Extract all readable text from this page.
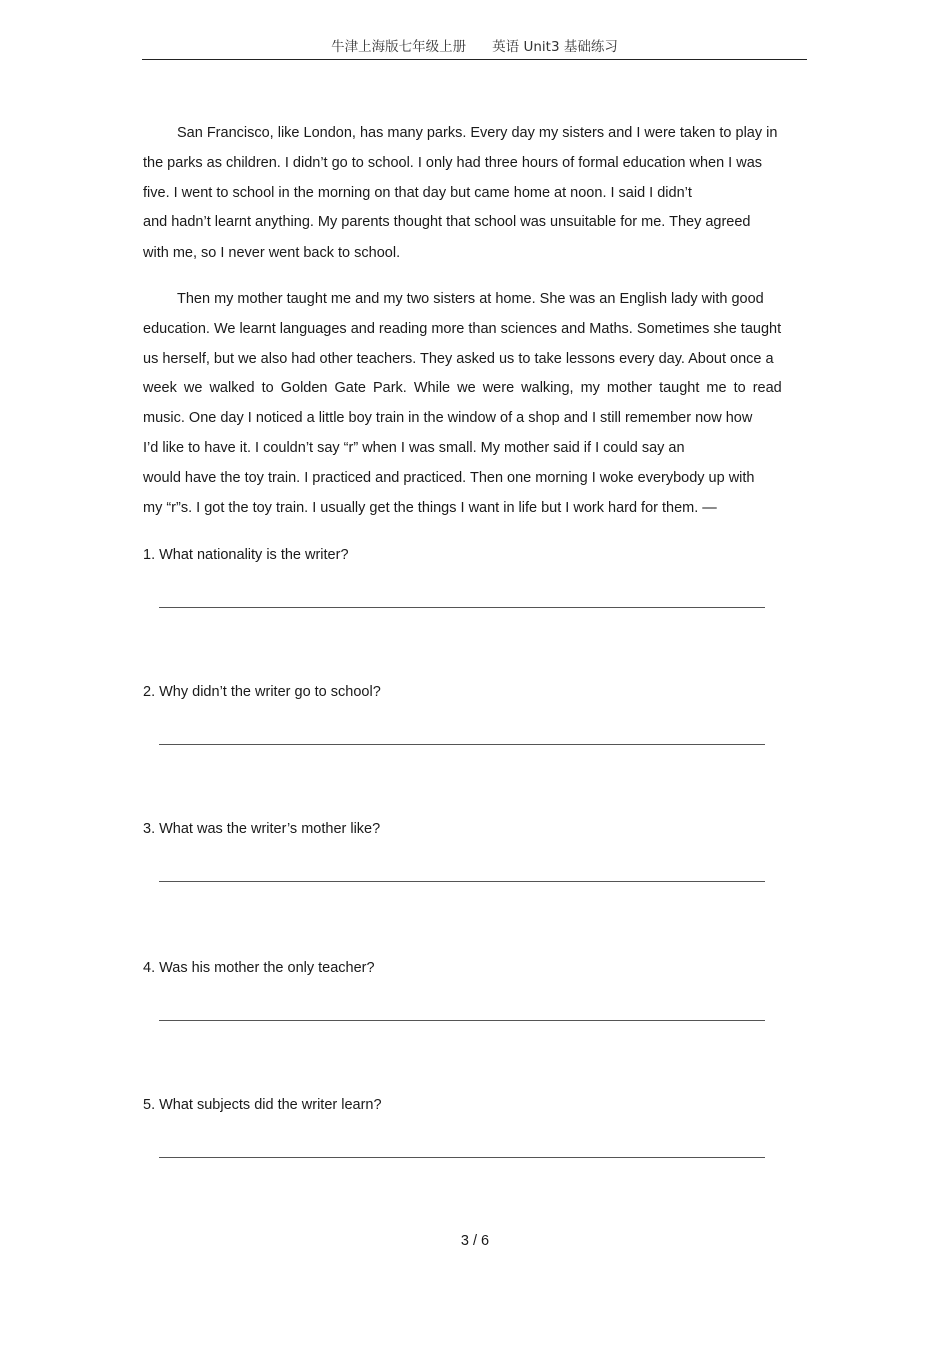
牛津上海版七年级上册 英语 Unit3 基础练习
San Francisco, like London, has many parks. Every day my sisters and I were taken to play in
the parks as children. I didn’t go to school. I only had three hours of formal education when I was
five. I went to school in the morning on that day but came home at noon. I said I didn’t
and hadn’t learnt anything. My parents thought that school was unsuitable for me. They agreed
with me, so I never went back to school.
Then my mother taught me and my two sisters at home. She was an English lady with good
education. We learnt languages and reading more than sciences and Maths. Sometimes she taught
us herself, but we also had other teachers. They asked us to take lessons every day. About once a
week we walked to Golden Gate Park. While we were walking, my mother taught me to read
music. One day I noticed a little boy train in the window of a shop and I still remember now how
I’d like to have it. I couldn’t say “r” when I was small. My mother said if I could say an
would have the toy train. I practiced and practiced. Then one morning I woke everybody up with
my “r”s. I got the toy train. I usually get the things I want in life but I work hard for them. —
1. What nationality is the writer?
2. Why didn’t the writer go to school?
3. What was the writer’s mother like?
4. Was his mother the only teacher?
5. What subjects did the writer learn?
3 / 6
